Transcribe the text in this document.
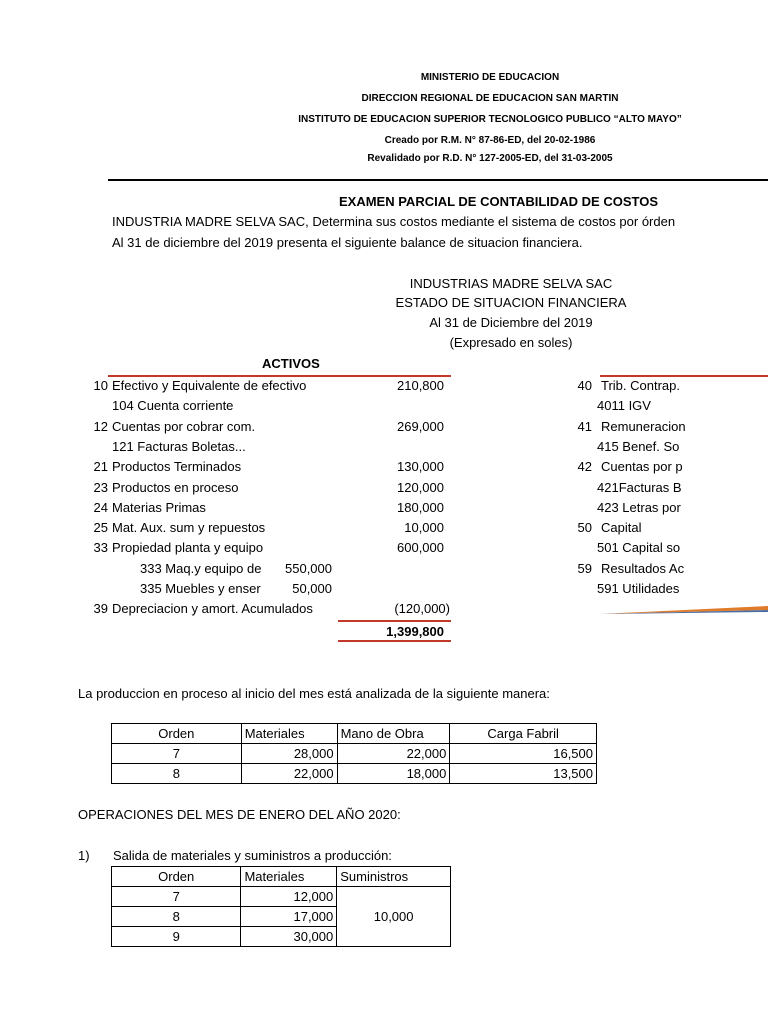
MINISTERIO DE EDUCACION
DIRECCION REGIONAL DE EDUCACION SAN MARTIN
INSTITUTO DE EDUCACION SUPERIOR TECNOLOGICO PUBLICO “ALTO MAYO”
Creado por R.M. N° 87-86-ED, del 20-02-1986
Revalidado por R.D. N° 127-2005-ED, del 31-03-2005
EXAMEN PARCIAL DE CONTABILIDAD DE COSTOS
INDUSTRIA MADRE SELVA SAC, Determina sus costos mediante el sistema de costos por órden
Al 31 de diciembre del 2019 presenta el siguiente balance de situacion financiera.
INDUSTRIAS MADRE SELVA SAC
ESTADO DE SITUACION FINANCIERA
Al 31 de Diciembre del 2019
(Expresado en soles)
ACTIVOS
10 Efectivo y Equivalente de efectivo	210,800
104 Cuenta corriente
12 Cuentas por cobrar com.	269,000
121 Facturas Boletas...
21 Productos Terminados	130,000
23 Productos en proceso	120,000
24 Materias Primas	180,000
25 Mat. Aux. sum y repuestos	10,000
33 Propiedad planta y equipo	600,000
333 Maq.y equipo de	550,000
335 Muebles y enser	50,000
39 Depreciacion y amort. Acumulados	(120,000)
1,399,800
40 Trib. Contrap.
4011 IGV
41 Remuneracion
415 Benef. So
42 Cuentas por p
421Facturas B
423 Letras por
50 Capital
501 Capital so
59 Resultados Ac
591 Utilidades
La produccion en proceso al inicio del mes está analizada de la siguiente manera:
Orden	Materiales	Mano de Obra	Carga Fabril
7	28,000	22,000	16,500
8	22,000	18,000	13,500
OPERACIONES DEL MES DE ENERO DEL AÑO 2020:
1) Salida de materiales y suministros a producción:
Orden	Materiales	Suministros
7	12,000	10,000
8	17,000	
9	30,000	
